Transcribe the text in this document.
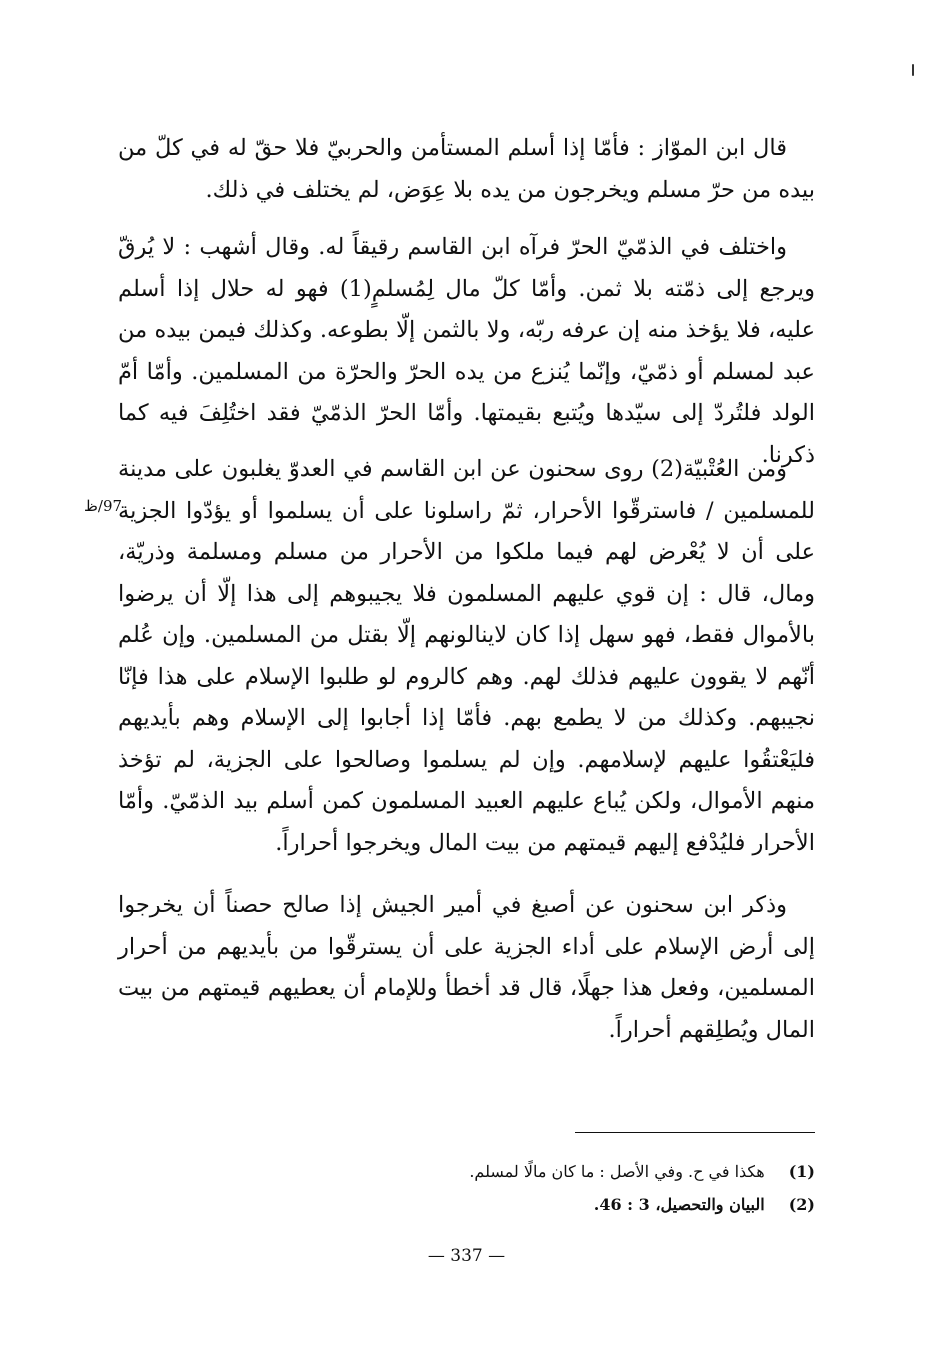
قال ابن الموّاز : فأمّا إذا أسلم المستأمن والحربيّ فلا حقّ له في كلّ من بيده من حرّ مسلم ويخرجون من يده بلا عِوَض، لم يختلف في ذلك.

واختلف في الذمّيّ الحرّ فرآه ابن القاسم رقيقاً له. وقال أشهب : لا يُرقّ ويرجع إلى ذمّته بلا ثمن. وأمّا كلّ مال لِمُسلمٍ(1) فهو له حلال إذا أسلم عليه، فلا يؤخذ منه إن عرفه ربّه، ولا بالثمن إلّا بطوعه. وكذلك فيمن بيده من عبد لمسلم أو ذمّيّ، وإنّما يُنزع من يده الحرّ والحرّة من المسلمين. وأمّا أمّ الولد فلتُردّ إلى سيّدها ويُتبع بقيمتها. وأمّا الحرّ الذمّيّ فقد اختُلِفَ فيه كما ذكرنا.

ومن العُتْبيّة(2) روى سحنون عن ابن القاسم في العدوّ يغلبون على مدينة للمسلمين / فاسترقّوا الأحرار، ثمّ راسلونا على أن يسلموا أو يؤدّوا الجزية على أن لا يُعْرض لهم فيما ملكوا من الأحرار من مسلم ومسلمة وذريّة، ومال، قال : إن قوي عليهم المسلمون فلا يجيبوهم إلى هذا إلّا أن يرضوا بالأموال فقط، فهو سهل إذا كان لاينالونهم إلّا بقتل من المسلمين. وإن عُلم أنّهم لا يقوون عليهم فذلك لهم. وهم كالروم لو طلبوا الإسلام على هذا فإنّا نجيبهم. وكذلك من لا يطمع بهم. فأمّا إذا أجابوا إلى الإسلام وهم بأيديهم فليَعْتقُوا عليهم لإسلامهم. وإن لم يسلموا وصالحوا على الجزية، لم تؤخذ منهم الأموال، ولكن يُباع عليهم العبيد المسلمون كمن أسلم بيد الذمّيّ. وأمّا الأحرار فليُدْفع إليهم قيمتهم من بيت المال ويخرجوا أحراراً.

وذكر ابن سحنون عن أصبغ في أمير الجيش إذا صالح حصناً أن يخرجوا إلى أرض الإسلام على أداء الجزية على أن يسترقّوا من بأيديهم من أحرار المسلمين، وفعل هذا جهلًا، قال قد أخطأ وللإمام أن يعطيهم قيمتهم من بيت المال ويُطلِقهم أحراراً.

97/ظ
(1)
هكذا في ح. وفي الأصل : ما كان مالًا لمسلم.
(2)
البيان والتحصيل، 3 : 46.
— 337 —
